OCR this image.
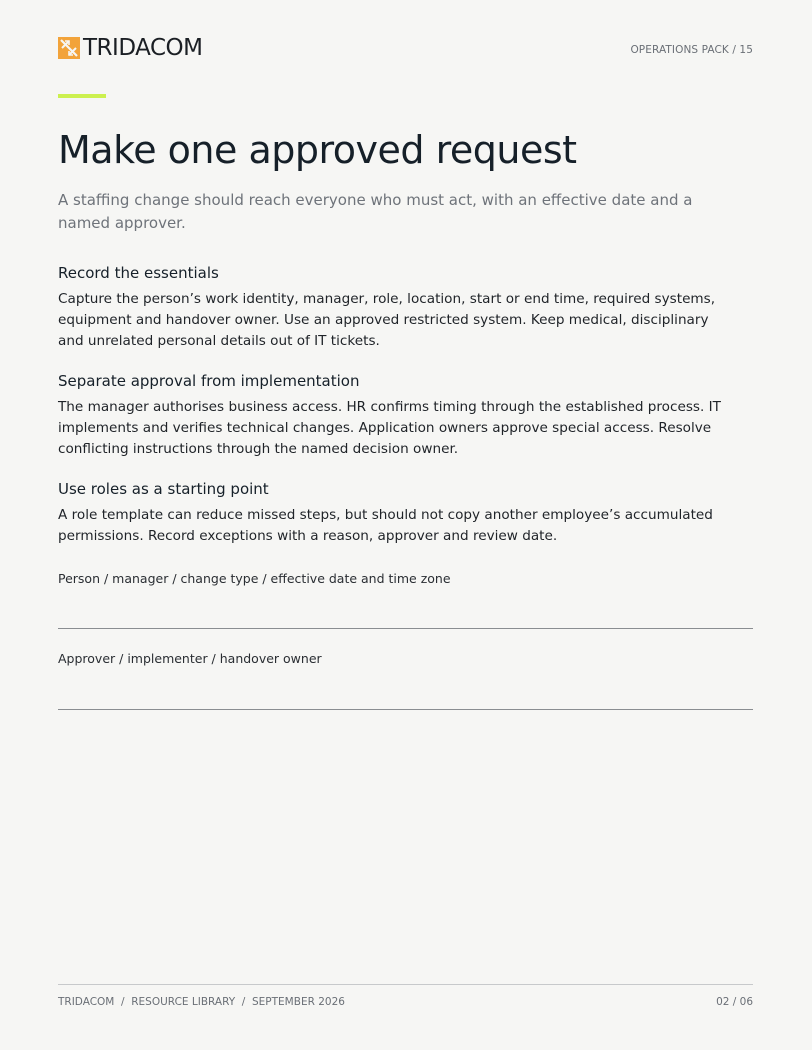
TRIDACOM	OPERATIONS PACK / 15
Make one approved request

A staffing change should reach everyone who must act, with an effective date and a named approver.

Record the essentials

Capture the person’s work identity, manager, role, location, start or end time, required systems, equipment and handover owner. Use an approved restricted system. Keep medical, disciplinary and unrelated personal details out of IT tickets.

Separate approval from implementation

The manager authorises business access. HR confirms timing through the established process. IT implements and verifies technical changes. Application owners approve special access. Resolve conflicting instructions through the named decision owner.

Use roles as a starting point

A role template can reduce missed steps, but should not copy another employee’s accumulated permissions. Record exceptions with a reason, approver and review date.

Person / manager / change type / effective date and time zone
Approver / implementer / handover owner
TRIDACOM  /  RESOURCE LIBRARY  /  SEPTEMBER 2026	02 / 06
